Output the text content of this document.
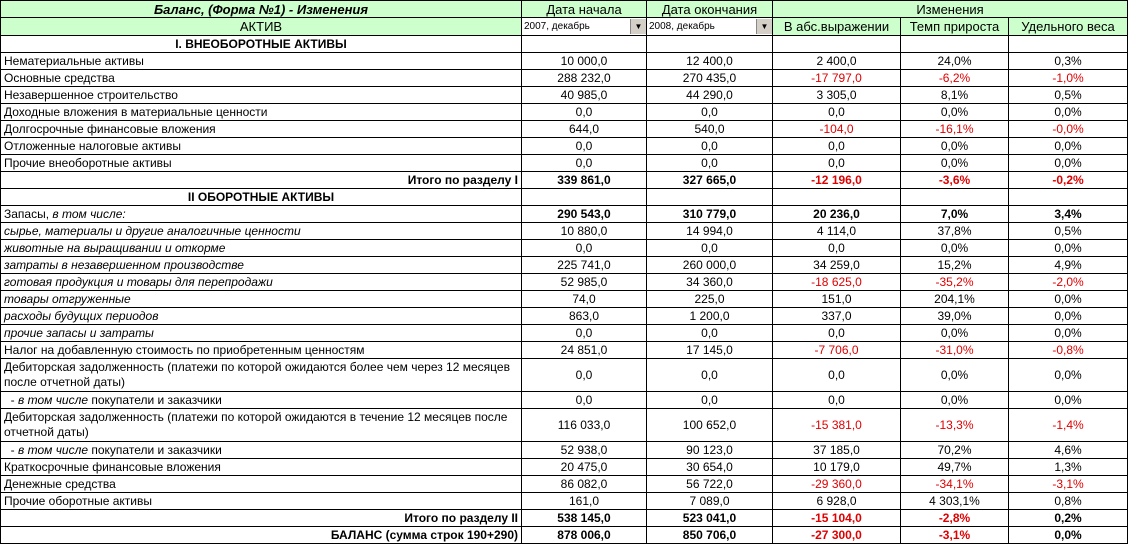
Баланс, (Форма №1) - Изменения	Дата начала	Дата окончания	Изменения		
АКТИВ	2007, декабрь ▼	2008, декабрь ▼	В абс.выражении	Темп прироста	Удельного веса
I. ВНЕОБОРОТНЫЕ АКТИВЫ					
Нематериальные активы	10 000,0	12 400,0	2 400,0	24,0%	0,3%
Основные средства	288 232,0	270 435,0	-17 797,0	-6,2%	-1,0%
Незавершенное строительство	40 985,0	44 290,0	3 305,0	8,1%	0,5%
Доходные вложения в материальные ценности	0,0	0,0	0,0	0,0%	0,0%
Долгосрочные финансовые вложения	644,0	540,0	-104,0	-16,1%	-0,0%
Отложенные налоговые активы	0,0	0,0	0,0	0,0%	0,0%
Прочие внеоборотные активы	0,0	0,0	0,0	0,0%	0,0%
Итого по разделу I	339 861,0	327 665,0	-12 196,0	-3,6%	-0,2%
II ОБОРОТНЫЕ АКТИВЫ					
Запасы, в том числе:	290 543,0	310 779,0	20 236,0	7,0%	3,4%
сырье, материалы и другие аналогичные ценности	10 880,0	14 994,0	4 114,0	37,8%	0,5%
животные на выращивании и откорме	0,0	0,0	0,0	0,0%	0,0%
затраты в незавершенном производстве	225 741,0	260 000,0	34 259,0	15,2%	4,9%
готовая продукция и товары для перепродажи	52 985,0	34 360,0	-18 625,0	-35,2%	-2,0%
товары отгруженные	74,0	225,0	151,0	204,1%	0,0%
расходы будущих периодов	863,0	1 200,0	337,0	39,0%	0,0%
прочие запасы и затраты	0,0	0,0	0,0	0,0%	0,0%
Налог на добавленную стоимость по приобретенным ценностям	24 851,0	17 145,0	-7 706,0	-31,0%	-0,8%
Дебиторская задолженность (платежи по которой ожидаются более чем через 12 месяцев после отчетной даты)	0,0	0,0	0,0	0,0%	0,0%
- в том числе покупатели и заказчики	0,0	0,0	0,0	0,0%	0,0%
Дебиторская задолженность (платежи по которой ожидаются в течение 12 месяцев после отчетной даты)	116 033,0	100 652,0	-15 381,0	-13,3%	-1,4%
- в том числе покупатели и заказчики	52 938,0	90 123,0	37 185,0	70,2%	4,6%
Краткосрочные финансовые вложения	20 475,0	30 654,0	10 179,0	49,7%	1,3%
Денежные средства	86 082,0	56 722,0	-29 360,0	-34,1%	-3,1%
Прочие оборотные активы	161,0	7 089,0	6 928,0	4 303,1%	0,8%
Итого по разделу II	538 145,0	523 041,0	-15 104,0	-2,8%	0,2%
БАЛАНС (сумма строк 190+290)	878 006,0	850 706,0	-27 300,0	-3,1%	0,0%
